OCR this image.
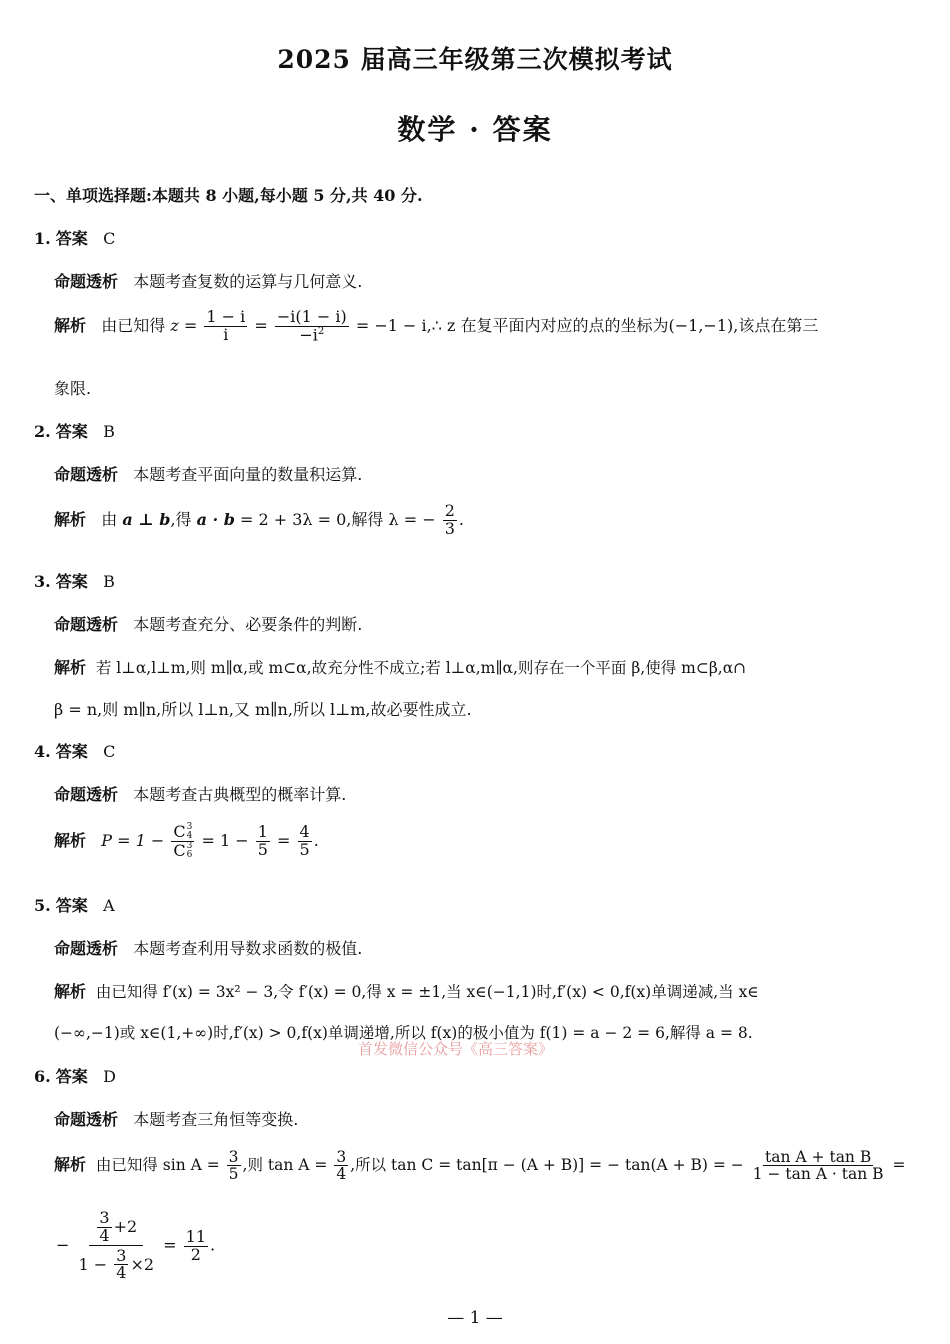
2025 届高三年级第三次模拟考试
数学 · 答案
一、单项选择题:本题共 8 小题,每小题 5 分,共 40 分.
1. 答案 C
命题透析 本题考查复数的运算与几何意义.
解析 由已知得 $z = \frac{1 - i}{i} = \frac{-i(1 - i)}{-i^2} = -1$ − i,∴ z 在复平面内对应的点的坐标为(−1,−1),该点在第三
象限.
2. 答案 B
命题透析 本题考查平面向量的数量积运算.
解析 由 a ⊥ b,得 a · b = 2 + 3λ = 0,解得 λ = − $\frac{2}{3}$ .
3. 答案 B
命题透析 本题考查充分、必要条件的判断.
解析 若 l⊥α,l⊥m,则 m∥α,或 m⊂α,故充分性不成立;若 l⊥α,m∥α,则存在一个平面 β,使得 m⊂β,α∩
β = n,则 m∥n,所以 l⊥n,又 m∥n,所以 l⊥m,故必要性成立.
4. 答案 C
命题透析 本题考查古典概型的概率计算.
解析 P = 1 − C 3
4
C 3
$6 = 1 - \frac{1}{5} = \frac{4}{5}$ .
5. 答案 A
命题透析 本题考查利用导数求函数的极值.
解析 由已知得 f′(x) = 3x² − 3,令 f′(x) = 0,得 x = ±1,当 x∈(−1,1)时,f′(x) < 0,f(x)单调递减,当 x∈
(−∞,−1)或 x∈(1,+∞)时,f′(x) > 0,f(x)单调递增,所以 f(x)的极小值为 f(1) = a − 2 = 6,解得 a = 8.
首发微信公众号《高三答案》
6. 答案 D
命题透析 本题考查三角恒等变换.
解析 由已知得 $\sin A = \frac{3}{5}$ ,则 $\tan A = \frac{3}{4}$ ,所以 tan C = tan[π − (A + B)] = − tan(A + B) = − $\frac{\text{tan A + tan B}}{\text{1 − tan A · tan B}}$ =
− $\frac{\frac{3}{4} +2}{1 - \frac{3}{4} \times 2} = \frac{11}{2}$ .
— 1 —
